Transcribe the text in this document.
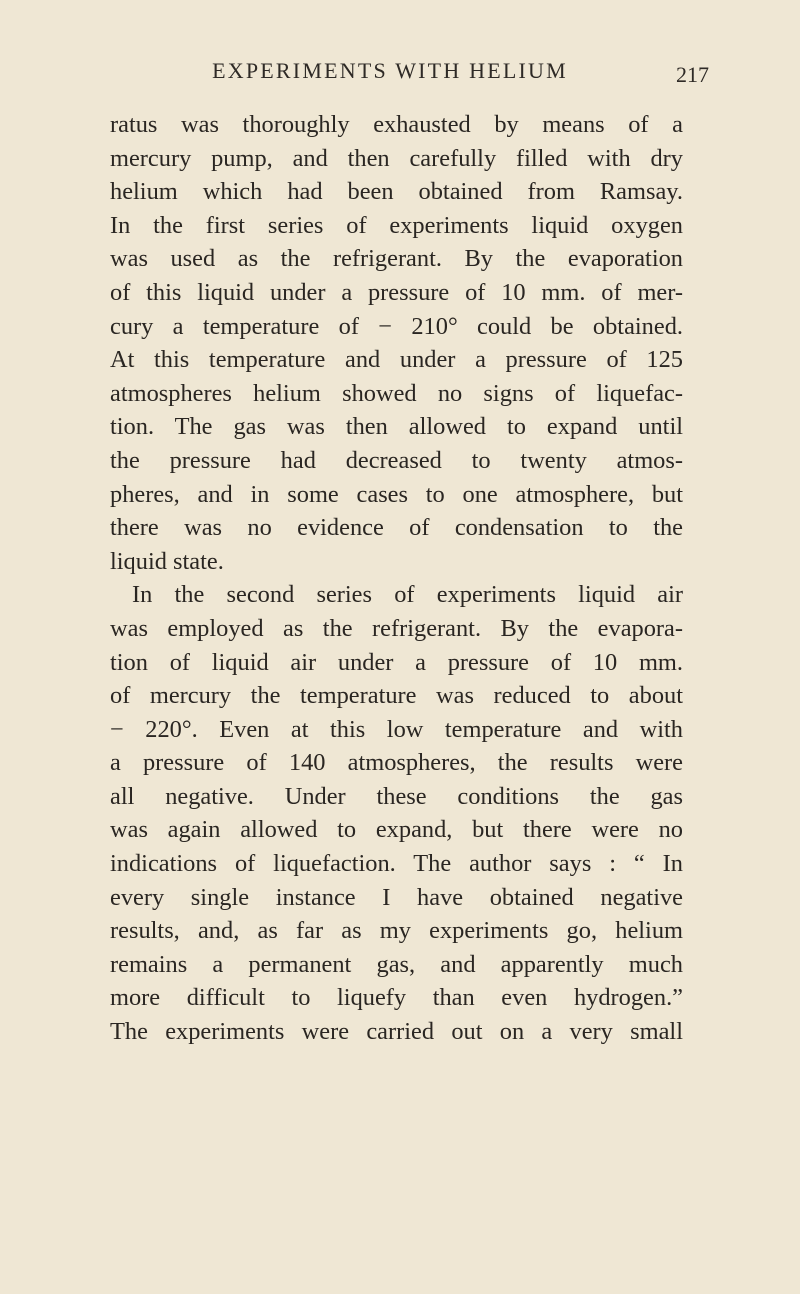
EXPERIMENTS WITH HELIUM	217
ratus was thoroughly exhausted by means of a
mercury pump, and then carefully filled with dry
helium which had been obtained from Ramsay.
In the first series of experiments liquid oxygen
was used as the refrigerant. By the evaporation
of this liquid under a pressure of 10 mm. of mer-
cury a temperature of − 210° could be obtained.
At this temperature and under a pressure of 125
atmospheres helium showed no signs of liquefac-
tion. The gas was then allowed to expand until
the pressure had decreased to twenty atmos-
pheres, and in some cases to one atmosphere, but
there was no evidence of condensation to the
liquid state.
In the second series of experiments liquid air
was employed as the refrigerant. By the evapora-
tion of liquid air under a pressure of 10 mm.
of mercury the temperature was reduced to about
− 220°. Even at this low temperature and with
a pressure of 140 atmospheres, the results were
all negative. Under these conditions the gas
was again allowed to expand, but there were no
indications of liquefaction. The author says : “ In
every single instance I have obtained negative
results, and, as far as my experiments go, helium
remains a permanent gas, and apparently much
more difficult to liquefy than even hydrogen.”
The experiments were carried out on a very small
